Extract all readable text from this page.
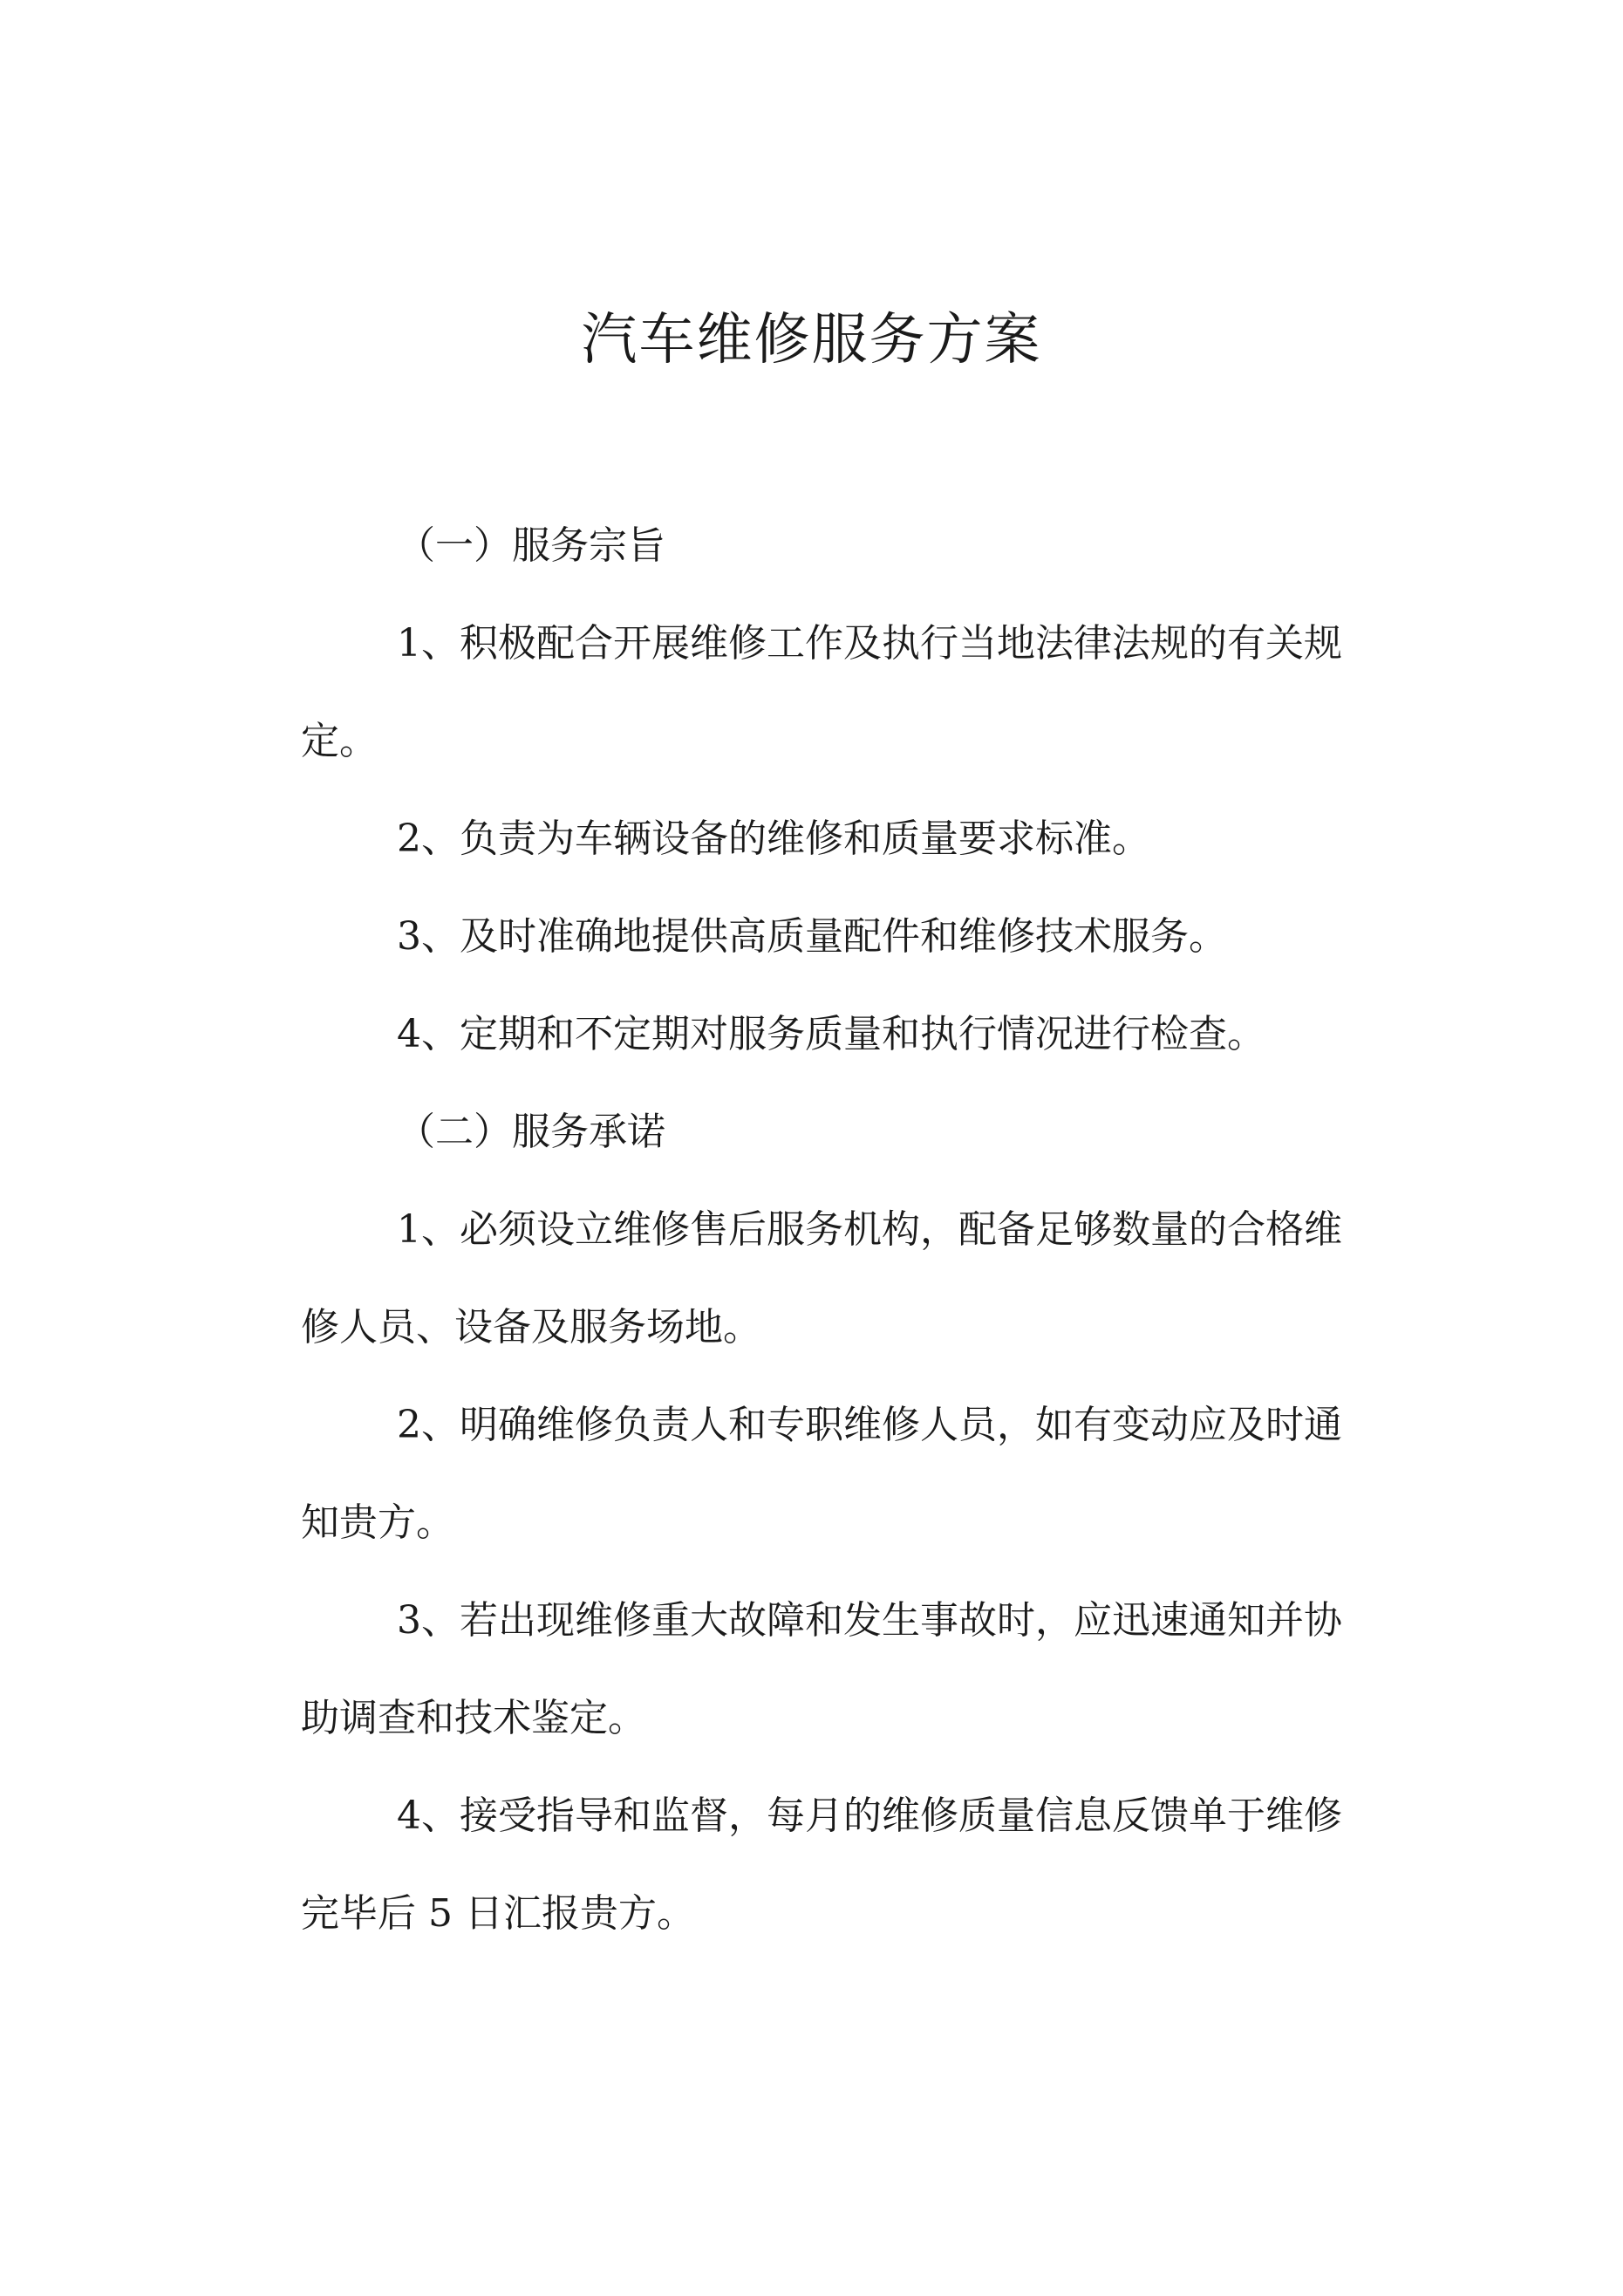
汽车维修服务方案
（一）服务宗旨

1、积极配合开展维修工作及执行当地法律法规的有关规
定。

2、负责为车辆设备的维修和质量要求标准。

3、及时准确地提供高质量配件和维修技术服务。

4、定期和不定期对服务质量和执行情况进行检查。

（二）服务承诺

1、必须设立维修售后服务机构，配备足够数量的合格维
修人员、设备及服务场地。

2、明确维修负责人和专职维修人员，如有变动应及时通
知贵方。

3、若出现维修重大故障和发生事故时，应迅速通知并协
助调查和技术鉴定。

4、接受指导和监督，每月的维修质量信息反馈单于维修
完毕后 5 日汇报贵方。
